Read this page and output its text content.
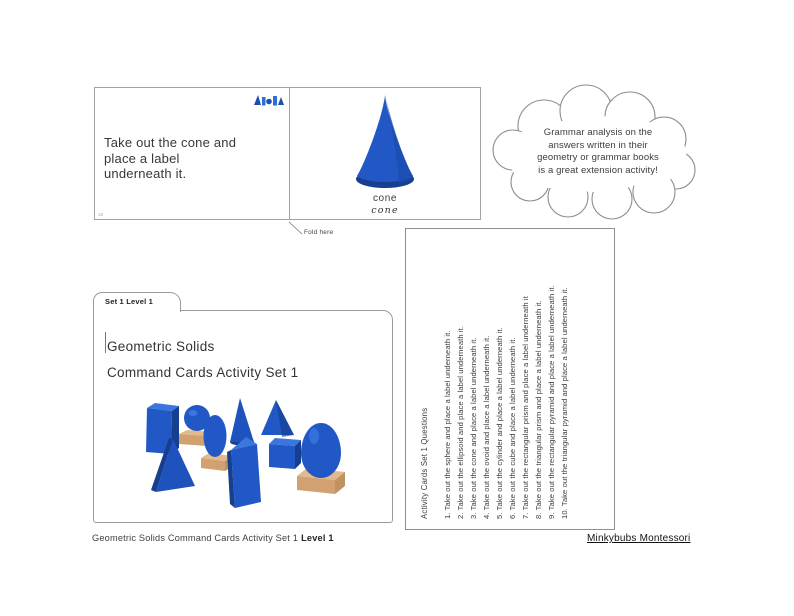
Take out the cone and
place a label
underneath it.
18
cone
cone
Fold here
Grammar analysis on the
answers written in their
geometry or grammar books
is a great extension activity!
Set 1 Level 1
Geometric Solids
Command Cards Activity Set 1
Activity Cards Set 1 Questions 1. Take out the sphere and place a label underneath it. 2. Take out the ellipsoid and place a label underneath it. 3. Take out the cone and place a label underneath it. 4. Take out the ovoid and place a label underneath it. 5. Take out the cylinder and place a label underneath it. 6. Take out the cube and place a label underneath it. 7. Take out the rectangular prism and place a label underneath it 8. Take out the triangular prism and place a label underneath it. 9. Take out the rectangular pyramid and place a label underneath it. 10. Take out the triangular pyramid and place a label underneath it.
Geometric Solids Command Cards Activity Set 1 Level 1	Minkybubs Montessori
